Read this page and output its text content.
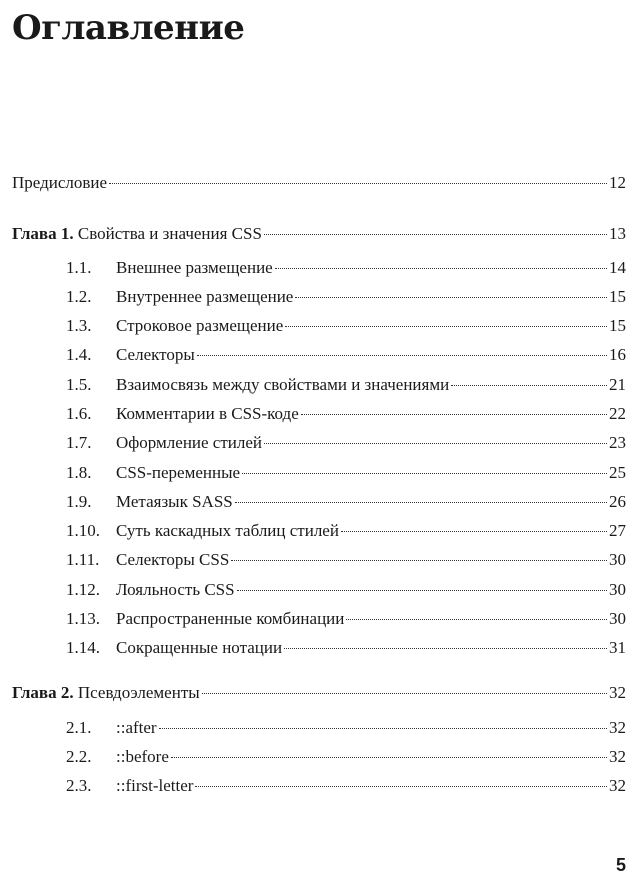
Оглавление
Предисловие	12
Глава 1. Свойства и значения CSS	13
1.1. Внешнее размещение	14
1.2. Внутреннее размещение	15
1.3. Строковое размещение	15
1.4. Селекторы	16
1.5. Взаимосвязь между свойствами и значениями	21
1.6. Комментарии в CSS-коде	22
1.7. Оформление стилей	23
1.8. CSS-переменные	25
1.9. Метаязык SASS	26
1.10. Суть каскадных таблиц стилей	27
1.11. Селекторы CSS	30
1.12. Лояльность CSS	30
1.13. Распространенные комбинации	30
1.14. Сокращенные нотации	31
Глава 2. Псевдоэлементы	32
2.1. ::after	32
2.2. ::before	32
2.3. ::first-letter	32

5
